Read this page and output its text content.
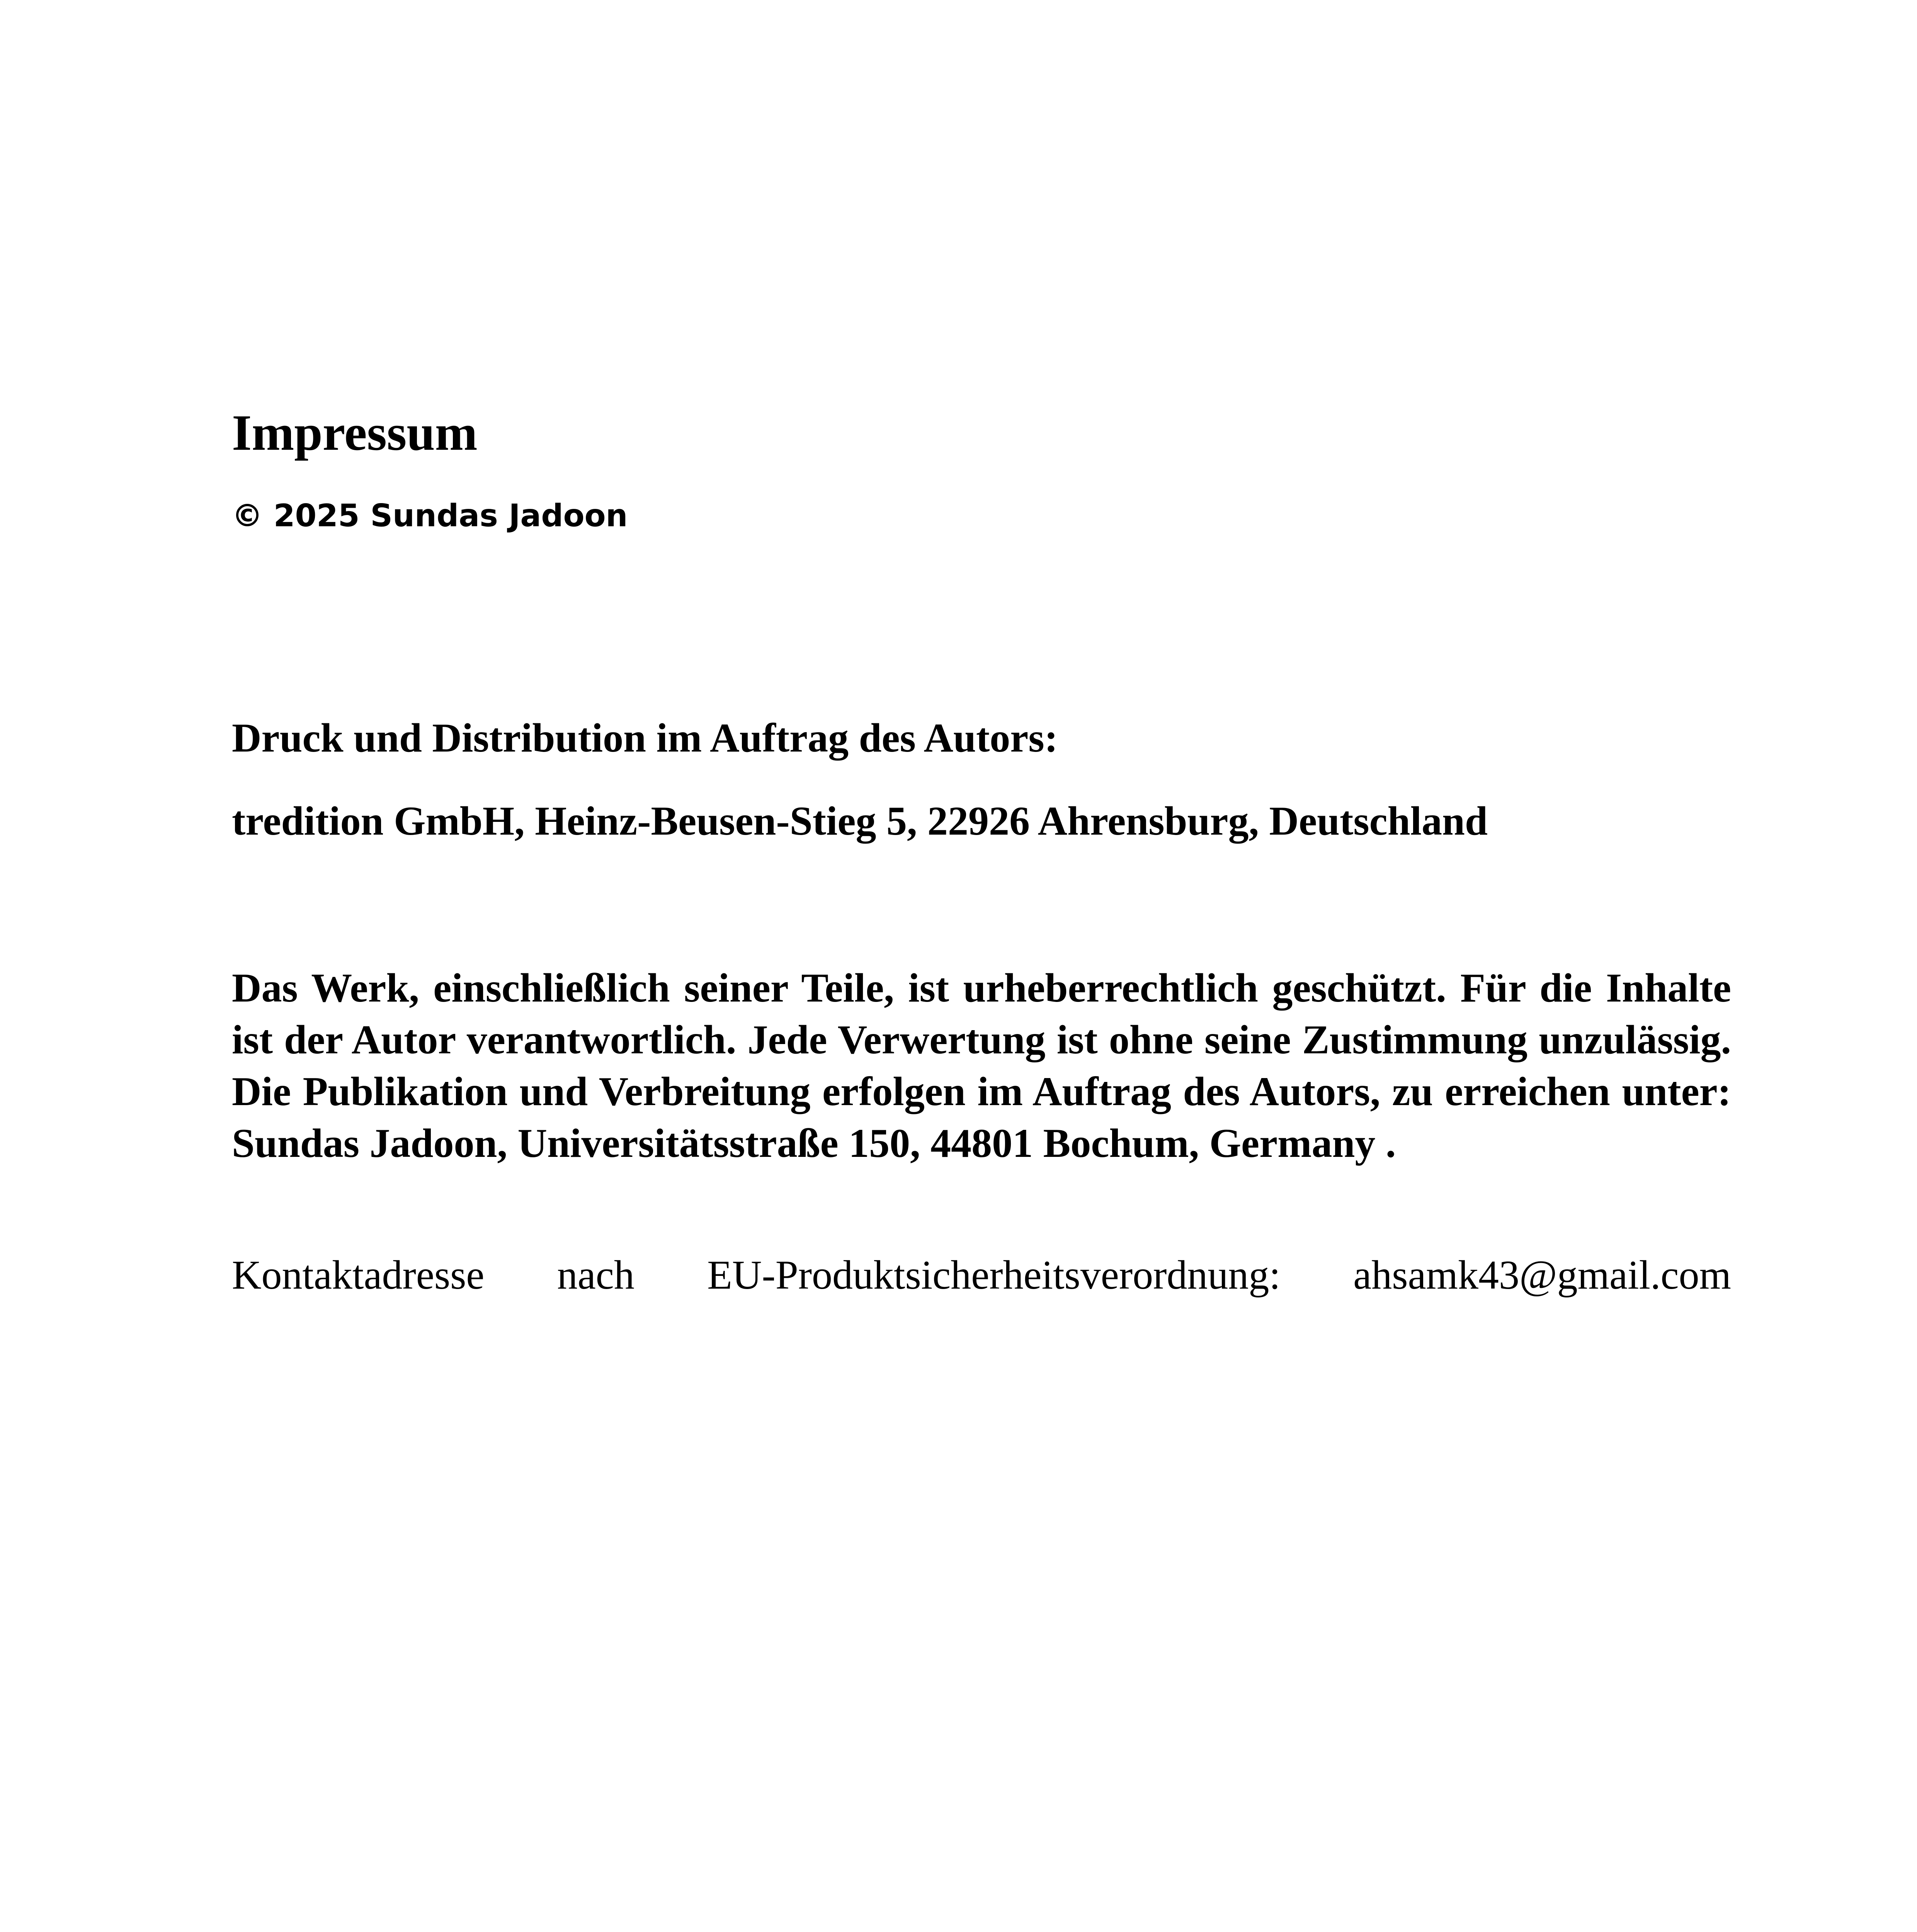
Impressum

© 2025 Sundas Jadoon

Druck und Distribution im Auftrag des Autors:

tredition GmbH, Heinz-Beusen-Stieg 5, 22926 Ahrensburg, Deutschland

Das Werk, einschließlich seiner Teile, ist urheberrechtlich geschützt. Für die Inhalte ist der Autor verantwortlich. Jede Verwertung ist ohne seine Zustimmung unzulässig. Die Publikation und Verbreitung erfolgen im Auftrag des Autors, zu erreichen unter: Sundas Jadoon, Universitätsstraße 150, 44801 Bochum, Germany .

Kontaktadresse nach EU-Produktsicherheitsverordnung: ahsamk43@gmail.com
